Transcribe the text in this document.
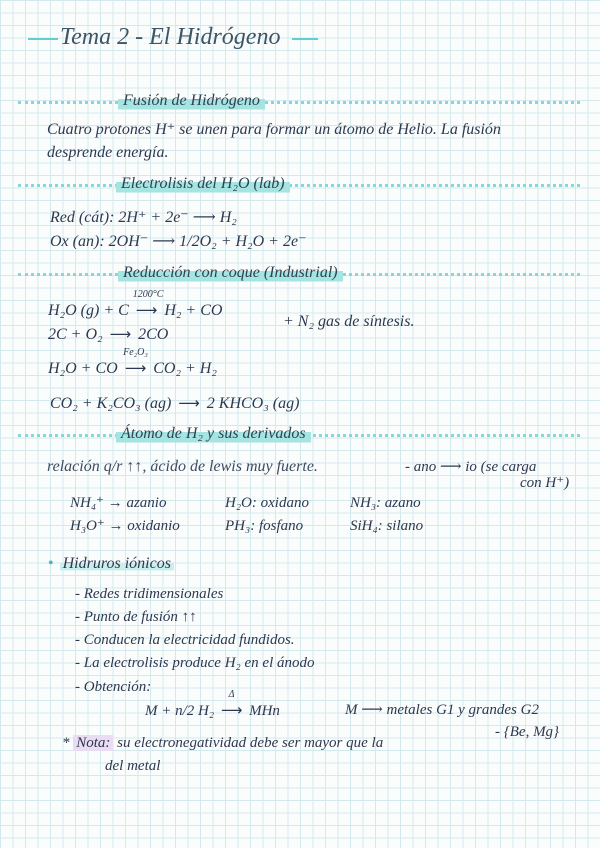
Tema 2 - El Hidrógeno
Fusión de Hidrógeno
Cuatro protones H⁺ se unen para formar un átomo de Helio. La fusión
desprende energía.
Electrolisis del H₂O (lab)
Red (cát): 2H⁺ + 2e⁻ ⟶ H₂
Ox (an): 2OH⁻ ⟶ 1/2O₂ + H₂O + 2e⁻
Reducción con coque (Industrial)
H₂O (g) + C
1200°C
⟶ H₂ + CO
2C + O₂ ⟶ 2CO
+ N₂ gas de síntesis.
H₂O + CO
Fe₂O₃
⟶ CO₂ + H₂
CO₂ + K₂CO₃ (ag) ⟶ 2 KHCO₃ (ag)
Átomo de H₂ y sus derivados
relación q/r ↑↑, ácido de lewis muy fuerte.	- ano ⟶ io (se carga
con H⁺)
NH₄⁺ → azanio	H₂O: oxidano	NH₃: azano
H₃O⁺ → oxidanio	PH₃: fosfano	SiH₄: silano
• Hidruros iónicos
- Redes tridimensionales
- Punto de fusión ↑↑
- Conducen la electricidad fundidos.
- La electrolisis produce H₂ en el ánodo
- Obtención:
M + n/2 H₂
Δ
⟶ MHn	M ⟶ metales G1 y grandes G2
- {Be, Mg}
* Nota: su electronegatividad debe ser mayor que la
del metal
